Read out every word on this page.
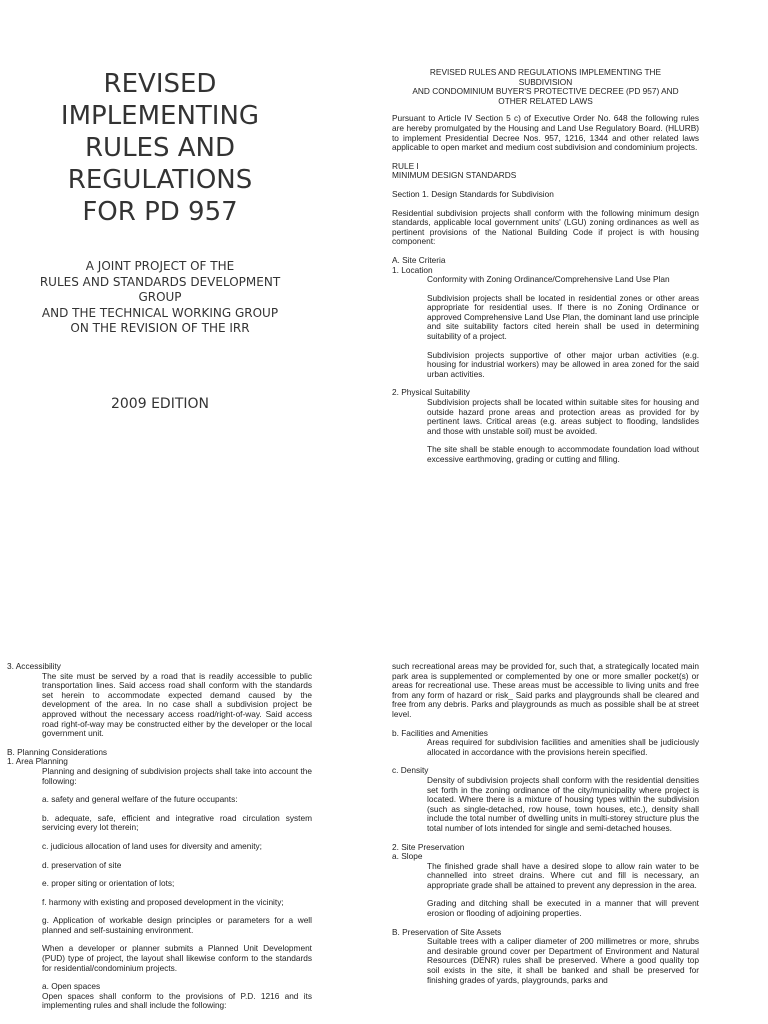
REVISED
IMPLEMENTING
RULES AND
REGULATIONS
FOR PD 957
A JOINT PROJECT OF THE
RULES AND STANDARDS DEVELOPMENT
GROUP
AND THE TECHNICAL WORKING GROUP
ON THE REVISION OF THE IRR
2009 EDITION
REVISED RULES AND REGULATIONS IMPLEMENTING THE
SUBDIVISION
AND CONDOMINIUM BUYER'S PROTECTIVE DECREE (PD 957) AND
OTHER RELATED LAWS

Pursuant to Article IV Section 5 c) of Executive Order No. 648 the following rules are hereby promulgated by the Housing and Land Use Regulatory Board. (HLURB) to implement Presidential Decree Nos. 957, 1216, 1344 and other related laws applicable to open market and medium cost subdivision and condominium projects.

RULE I

MINIMUM DESIGN STANDARDS

Section 1. Design Standards for Subdivision

Residential subdivision projects shall conform with the following minimum design standards, applicable local government units' (LGU) zoning ordinances as well as pertinent provisions of the National Building Code if project is with housing component:

A. Site Criteria

1. Location

Conformity with Zoning Ordinance/Comprehensive Land Use Plan

Subdivision projects shall be located in residential zones or other areas appropriate for residential uses. If there is no Zoning Ordinance or approved Comprehensive Land Use Plan, the dominant land use principle and site suitability factors cited herein shall be used in determining suitability of a project.

Subdivision projects supportive of other major urban activities (e.g. housing for industrial workers) may be allowed in area zoned for the said urban activities.

2. Physical Suitability

Subdivision projects shall be located within suitable sites for housing and outside hazard prone areas and protection areas as provided for by pertinent laws. Critical areas (e.g. areas subject to flooding, landslides and those with unstable soil) must be avoided.

The site shall be stable enough to accommodate foundation load without excessive earthmoving, grading or cutting and filling.

3. Accessibility

The site must be served by a road that is readily accessible to public transportation lines. Said access road shall conform with the standards set herein to accommodate expected demand caused by the development of the area. In no case shall a subdivision project be approved without the necessary access road/right-of-way. Said access road right-of-way may be constructed either by the developer or the local government unit.

B. Planning Considerations

1. Area Planning

Planning and designing of subdivision projects shall take into account the following:

a. safety and general welfare of the future occupants:

b. adequate, safe, efficient and integrative road circulation system servicing every lot therein;

c. judicious allocation of land uses for diversity and amenity;

d. preservation of site

e. proper siting or orientation of lots;

f. harmony with existing and proposed development in the vicinity;

g. Application of workable design principles or parameters for a well planned and self-sustaining environment.

When a developer or planner submits a Planned Unit Development (PUD) type of project, the layout shall likewise conform to the standards for residential/condominium projects.

a. Open spaces

Open spaces shall conform to the provisions of P.D. 1216 and its implementing rules and shall include the following:

such recreational areas may be provided for, such that, a strategically located main park area is supplemented or complemented by one or more smaller pocket(s) or areas for recreational use. These areas must be accessible to living units and free from any form of hazard or risk_ Said parks and playgrounds shall be cleared and free from any debris. Parks and playgrounds as much as possible shall be at street level.

b. Facilities and Amenities

Areas required for subdivision facilities and amenities shall be judiciously allocated in accordance with the provisions herein specified.

c. Density

Density of subdivision projects shall conform with the residential densities set forth in the zoning ordinance of the city/municipality where project is located. Where there is a mixture of housing types within the subdivision (such as single-detached, row house, town houses, etc.), density shall include the total number of dwelling units in multi-storey structure plus the total number of lots intended for single and semi-detached houses.

2. Site Preservation

a. Slope

The finished grade shall have a desired slope to allow rain water to be channelled into street drains. Where cut and fill is necessary, an appropriate grade shall be attained to prevent any depression in the area.

Grading and ditching shall be executed in a manner that will prevent erosion or flooding of adjoining properties.

B. Preservation of Site Assets

Suitable trees with a caliper diameter of 200 millimetres or more, shrubs and desirable ground cover per Department of Environment and Natural Resources (DENR) rules shall be preserved. Where a good quality top soil exists in the site, it shall be banked and shall be preserved for finishing grades of yards, playgrounds, parks and
